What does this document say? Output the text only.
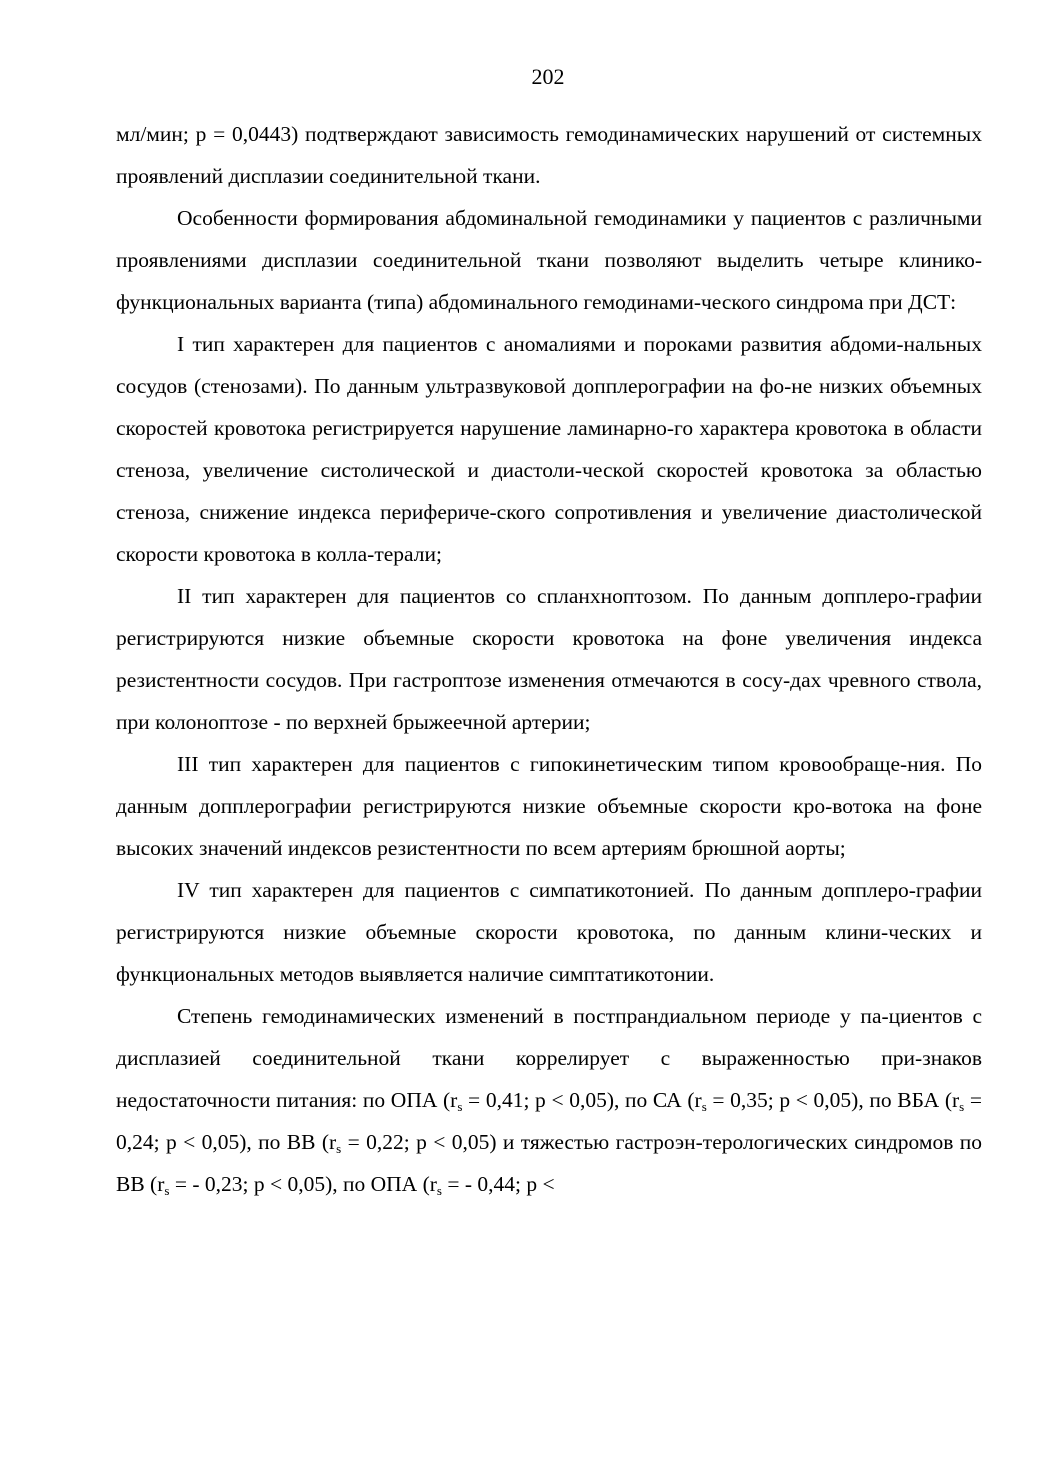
202

мл/мин; p = 0,0443) подтверждают зависимость гемодинамических нарушений от системных проявлений дисплазии соединительной ткани.

Особенности формирования абдоминальной гемодинамики у пациентов с различными проявлениями дисплазии соединительной ткани позволяют выделить четыре клинико-функциональных варианта (типа) абдоминального гемодинами-ческого синдрома при ДСТ:

I тип характерен для пациентов с аномалиями и пороками развития абдоми-нальных сосудов (стенозами). По данным ультразвуковой допплерографии на фо-не низких объемных скоростей кровотока регистрируется нарушение ламинарно-го характера кровотока в области стеноза, увеличение систолической и диастоли-ческой скоростей кровотока за областью стеноза, снижение индекса перифериче-ского сопротивления и увеличение диастолической скорости кровотока в колла-терали;

II тип характерен для пациентов со спланхноптозом. По данным допплеро-графии регистрируются низкие объемные скорости кровотока на фоне увеличения индекса резистентности сосудов. При гастроптозе изменения отмечаются в сосу-дах чревного ствола, при колоноптозе - по верхней брыжеечной артерии;

III тип характерен для пациентов с гипокинетическим типом кровообраще-ния. По данным допплерографии регистрируются низкие объемные скорости кро-вотока на фоне высоких значений индексов резистентности по всем артериям брюшной аорты;

IV тип характерен для пациентов с симпатикотонией. По данным допплеро-графии регистрируются низкие объемные скорости кровотока, по данным клини-ческих и функциональных методов выявляется наличие симптатикотонии.

Степень гемодинамических изменений в постпрандиальном периоде у па-циентов с дисплазией соединительной ткани коррелирует с выраженностью при-знаков недостаточности питания: по ОПА ($r_s = 0,41$; p < 0,05), по СА ($r_s = 0,35$; p < 0,05), по ВБА ($r_s = 0,24$; p < 0,05), по ВВ ($r_s = 0,22$; p < 0,05) и тяжестью гастроэн-терологических синдромов по ВВ ($r_s$ = - 0,23; p < 0,05), по ОПА ($r_s$ = - 0,44; p <
